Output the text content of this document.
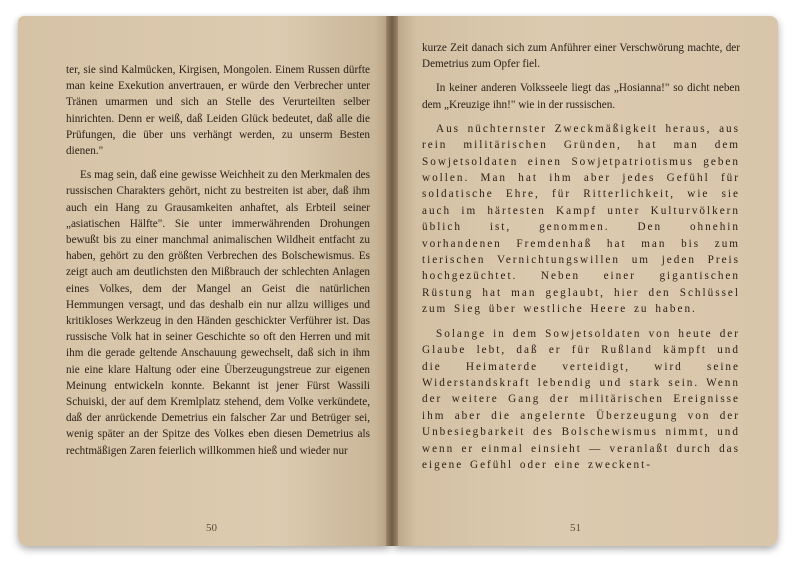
ter, sie sind Kalmücken, Kirgisen, Mongolen. Einem Russen dürfte man keine Exekution anvertrauen, er würde den Verbrecher unter Tränen umarmen und sich an Stelle des Verurteilten selber hinrichten. Denn er weiß, daß Leiden Glück bedeutet, daß alle die Prüfungen, die über uns verhängt werden, zu unserm Besten dienen."

Es mag sein, daß eine gewisse Weichheit zu den Merkmalen des russischen Charakters gehört, nicht zu bestreiten ist aber, daß ihm auch ein Hang zu Grausamkeiten anhaftet, als Erbteil seiner „asiatischen Hälfte". Sie unter immerwährenden Drohungen bewußt bis zu einer manchmal animalischen Wildheit entfacht zu haben, gehört zu den größten Verbrechen des Bolschewismus. Es zeigt auch am deutlichsten den Mißbrauch der schlechten Anlagen eines Volkes, dem der Mangel an Geist die natürlichen Hemmungen versagt, und das deshalb ein nur allzu williges und kritikloses Werkzeug in den Händen geschickter Verführer ist. Das russische Volk hat in seiner Geschichte so oft den Herren und mit ihm die gerade geltende Anschauung gewechselt, daß sich in ihm nie eine klare Haltung oder eine Überzeugungstreue zur eigenen Meinung entwickeln konnte. Bekannt ist jener Fürst Wassili Schuiski, der auf dem Kremlplatz stehend, dem Volke verkündete, daß der anrückende Demetrius ein falscher Zar und Betrüger sei, wenig später an der Spitze des Volkes eben diesen Demetrius als rechtmäßigen Zaren feierlich willkommen hieß und wieder nur

50

kurze Zeit danach sich zum Anführer einer Verschwörung machte, der Demetrius zum Opfer fiel.

In keiner anderen Volksseele liegt das „Hosianna!" so dicht neben dem „Kreuzige ihn!" wie in der russischen.

Aus nüchternster Zweckmäßigkeit heraus, aus rein militärischen Gründen, hat man dem Sowjetsoldaten einen Sowjetpatriotismus geben wollen. Man hat ihm aber jedes Gefühl für soldatische Ehre, für Ritterlichkeit, wie sie auch im härtesten Kampf unter Kulturvölkern üblich ist, genommen. Den ohnehin vorhandenen Fremdenhaß hat man bis zum tierischen Vernichtungswillen um jeden Preis hochgezüchtet. Neben einer gigantischen Rüstung hat man geglaubt, hier den Schlüssel zum Sieg über westliche Heere zu haben.

Solange in dem Sowjetsoldaten von heute der Glaube lebt, daß er für Rußland kämpft und die Heimaterde verteidigt, wird seine Widerstandskraft lebendig und stark sein. Wenn der weitere Gang der militärischen Ereignisse ihm aber die angelernte Überzeugung von der Unbesiegbarkeit des Bolschewismus nimmt, und wenn er einmal einsieht — veranlaßt durch das eigene Gefühl oder eine zweckent-

51
